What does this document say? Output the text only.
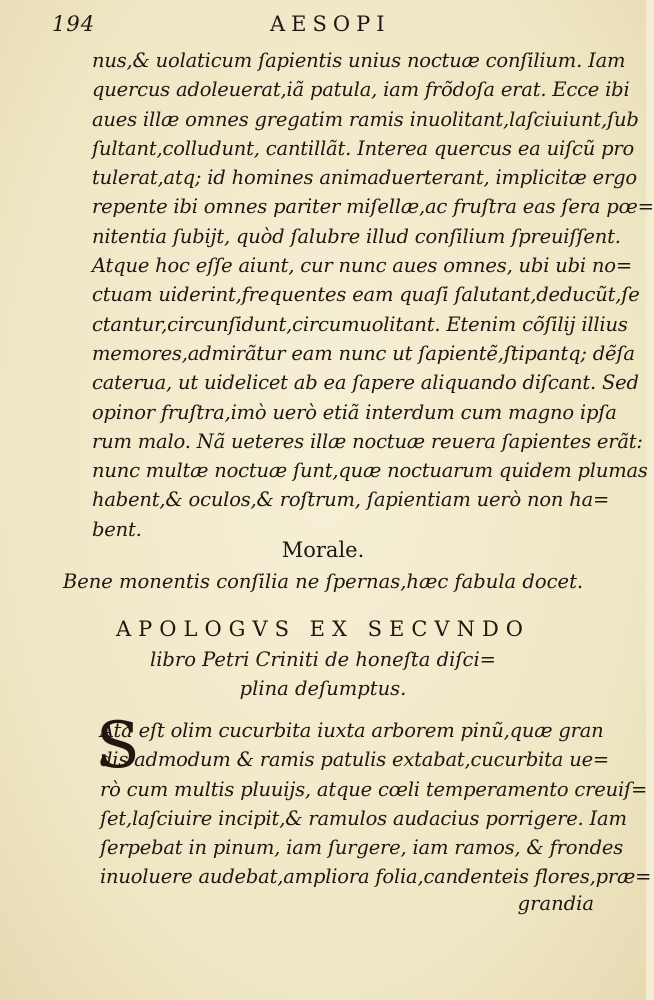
194	AESOPI
nus,& uolaticum ſapientis unius noctuæ conſilium. Iam
quercus adoleuerat,iã patula, iam frõdoſa erat. Ecce ibi
aues illæ omnes gregatim ramis inuolitant,laſciuiunt,ſub
ſultant,colludunt, cantillãt. Interea quercus ea uiſcũ pro
tulerat,atq; id homines animaduerterant, implicitæ ergo
repente ibi omnes pariter miſellæ,ac fruſtra eas ſera pœ=
nitentia ſubijt, quòd ſalubre illud conſilium ſpreuiſſent.
Atque hoc eſſe aiunt, cur nunc aues omnes, ubi ubi no=
ctuam uiderint,frequentes eam quaſi ſalutant,deducũt,ſe
ctantur,circunſidunt,circumuolitant. Etenim cõſilij illius
memores,admirãtur eam nunc ut ſapientẽ,ſtipantq; dẽſa
caterua, ut uidelicet ab ea ſapere aliquando diſcant. Sed
opinor fruſtra,imò uerò etiã interdum cum magno ipſa
rum malo. Nã ueteres illæ noctuæ reuera ſapientes erãt:
nunc multæ noctuæ ſunt,quæ noctuarum quidem plumas
habent,& oculos,& roſtrum, ſapientiam uerò non ha=
bent.
Morale.
Bene monentis conſilia ne ſpernas,hæc fabula docet.
APOLOGVS EX SECVNDO
libro Petri Criniti de honeſta diſci=
plina deſumptus.
S
Ata eſt olim cucurbita iuxta arborem pinũ,quæ gran
dis admodum & ramis patulis extabat,cucurbita ue=
rò cum multis pluuijs, atque cœli temperamento creuiſ=
ſet,laſciuire incipit,& ramulos audacius porrigere. Iam
ſerpebat in pinum, iam ſurgere, iam ramos, & frondes
inuoluere audebat,ampliora folia,candenteis flores,præ=
grandia
